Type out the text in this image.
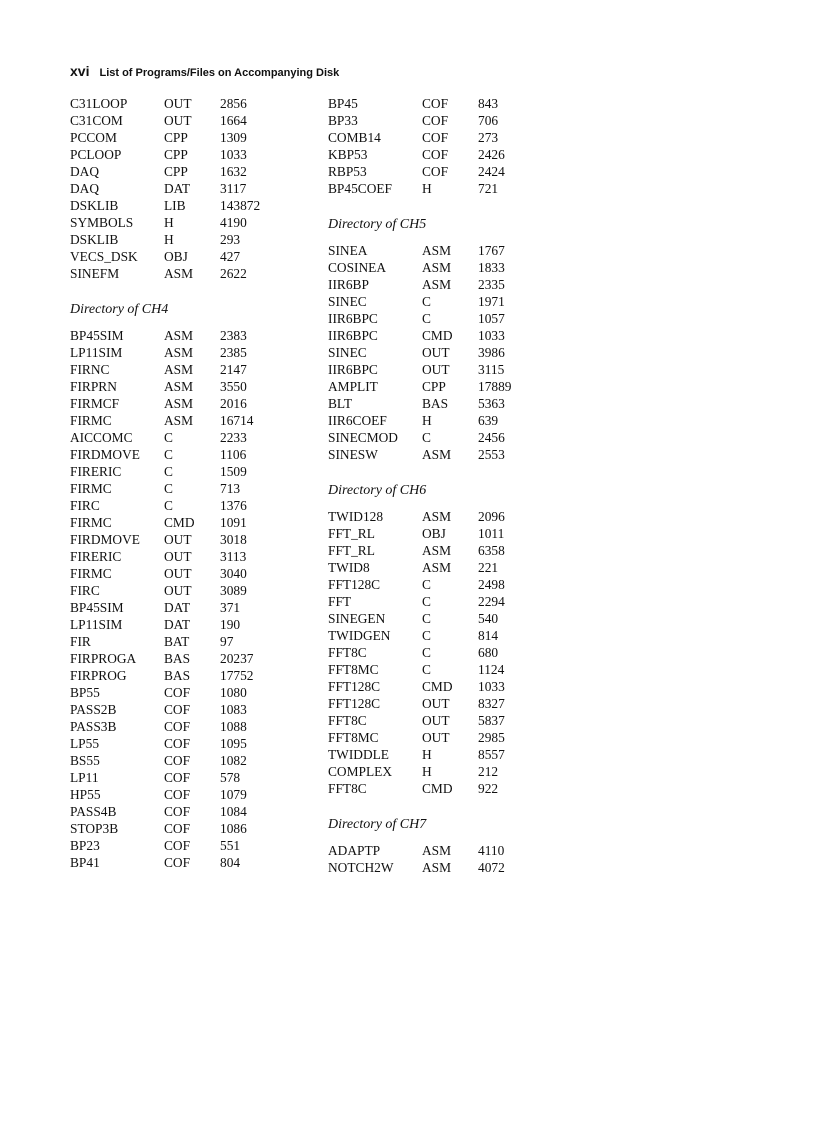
xvi List of Programs/Files on Accompanying Disk
C31LOOP	OUT	2856
C31COM	OUT	1664
PCCOM	CPP	1309
PCLOOP	CPP	1033
DAQ	CPP	1632
DAQ	DAT	3117
DSKLIB	LIB	143872
SYMBOLS	H	4190
DSKLIB	H	293
VECS_DSK	OBJ	427
SINEFM	ASM	2622
Directory of CH4
BP45SIM	ASM	2383
LP11SIM	ASM	2385
FIRNC	ASM	2147
FIRPRN	ASM	3550
FIRMCF	ASM	2016
FIRMC	ASM	16714
AICCOMC	C	2233
FIRDMOVE	C	1106
FIRERIC	C	1509
FIRMC	C	713
FIRC	C	1376
FIRMC	CMD	1091
FIRDMOVE	OUT	3018
FIRERIC	OUT	3113
FIRMC	OUT	3040
FIRC	OUT	3089
BP45SIM	DAT	371
LP11SIM	DAT	190
FIR	BAT	97
FIRPROGA	BAS	20237
FIRPROG	BAS	17752
BP55	COF	1080
PASS2B	COF	1083
PASS3B	COF	1088
LP55	COF	1095
BS55	COF	1082
LP11	COF	578
HP55	COF	1079
PASS4B	COF	1084
STOP3B	COF	1086
BP23	COF	551
BP41	COF	804
BP45	COF	843
BP33	COF	706
COMB14	COF	273
KBP53	COF	2426
RBP53	COF	2424
BP45COEF	H	721
Directory of CH5
SINEA	ASM	1767
COSINEA	ASM	1833
IIR6BP	ASM	2335
SINEC	C	1971
IIR6BPC	C	1057
IIR6BPC	CMD	1033
SINEC	OUT	3986
IIR6BPC	OUT	3115
AMPLIT	CPP	17889
BLT	BAS	5363
IIR6COEF	H	639
SINECMOD	C	2456
SINESW	ASM	2553
Directory of CH6
TWID128	ASM	2096
FFT_RL	OBJ	1011
FFT_RL	ASM	6358
TWID8	ASM	221
FFT128C	C	2498
FFT	C	2294
SINEGEN	C	540
TWIDGEN	C	814
FFT8C	C	680
FFT8MC	C	1124
FFT128C	CMD	1033
FFT128C	OUT	8327
FFT8C	OUT	5837
FFT8MC	OUT	2985
TWIDDLE	H	8557
COMPLEX	H	212
FFT8C	CMD	922
Directory of CH7
ADAPTP	ASM	4110
NOTCH2W	ASM	4072
